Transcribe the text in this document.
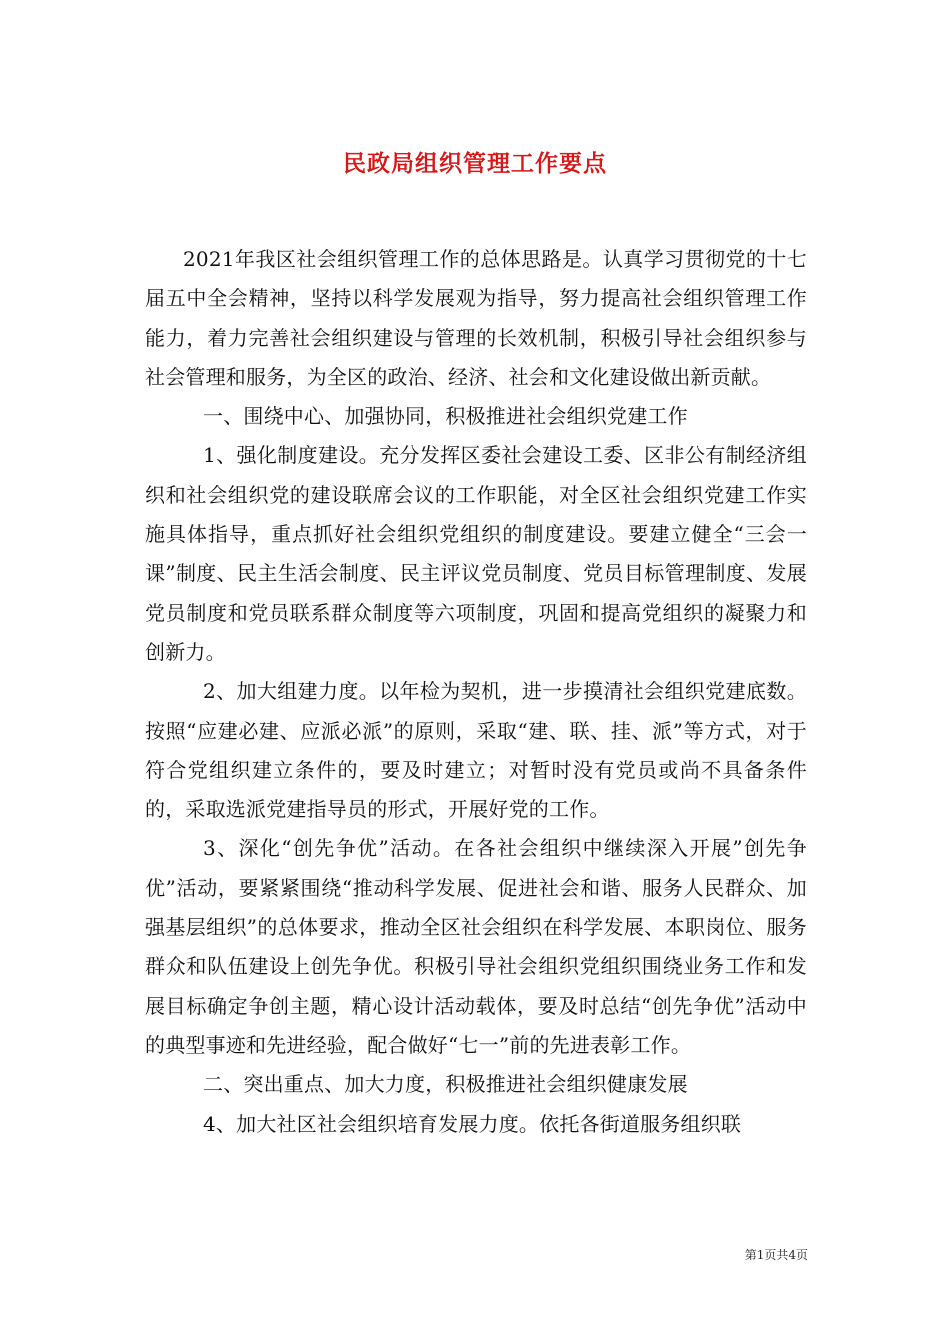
民政局组织管理工作要点

2021年我区社会组织管理工作的总体思路是。认真学习贯彻党的十七届五中全会精神，坚持以科学发展观为指导，努力提高社会组织管理工作能力，着力完善社会组织建设与管理的长效机制，积极引导社会组织参与社会管理和服务，为全区的政治、经济、社会和文化建设做出新贡献。

一、围绕中心、加强协同，积极推进社会组织党建工作

1、强化制度建设。充分发挥区委社会建设工委、区非公有制经济组织和社会组织党的建设联席会议的工作职能，对全区社会组织党建工作实施具体指导，重点抓好社会组织党组织的制度建设。要建立健全“三会一课”制度、民主生活会制度、民主评议党员制度、党员目标管理制度、发展党员制度和党员联系群众制度等六项制度，巩固和提高党组织的凝聚力和创新力。

2、加大组建力度。以年检为契机，进一步摸清社会组织党建底数。按照“应建必建、应派必派”的原则，采取“建、联、挂、派”等方式，对于符合党组织建立条件的，要及时建立；对暂时没有党员或尚不具备条件的，采取选派党建指导员的形式，开展好党的工作。

3、深化“创先争优”活动。在各社会组织中继续深入开展”创先争优”活动，要紧紧围绕“推动科学发展、促进社会和谐、服务人民群众、加强基层组织”的总体要求，推动全区社会组织在科学发展、本职岗位、服务群众和队伍建设上创先争优。积极引导社会组织党组织围绕业务工作和发展目标确定争创主题，精心设计活动载体，要及时总结“创先争优”活动中的典型事迹和先进经验，配合做好“七一”前的先进表彰工作。

二、突出重点、加大力度，积极推进社会组织健康发展

4、加大社区社会组织培育发展力度。依托各街道服务组织联

第1页共4页
